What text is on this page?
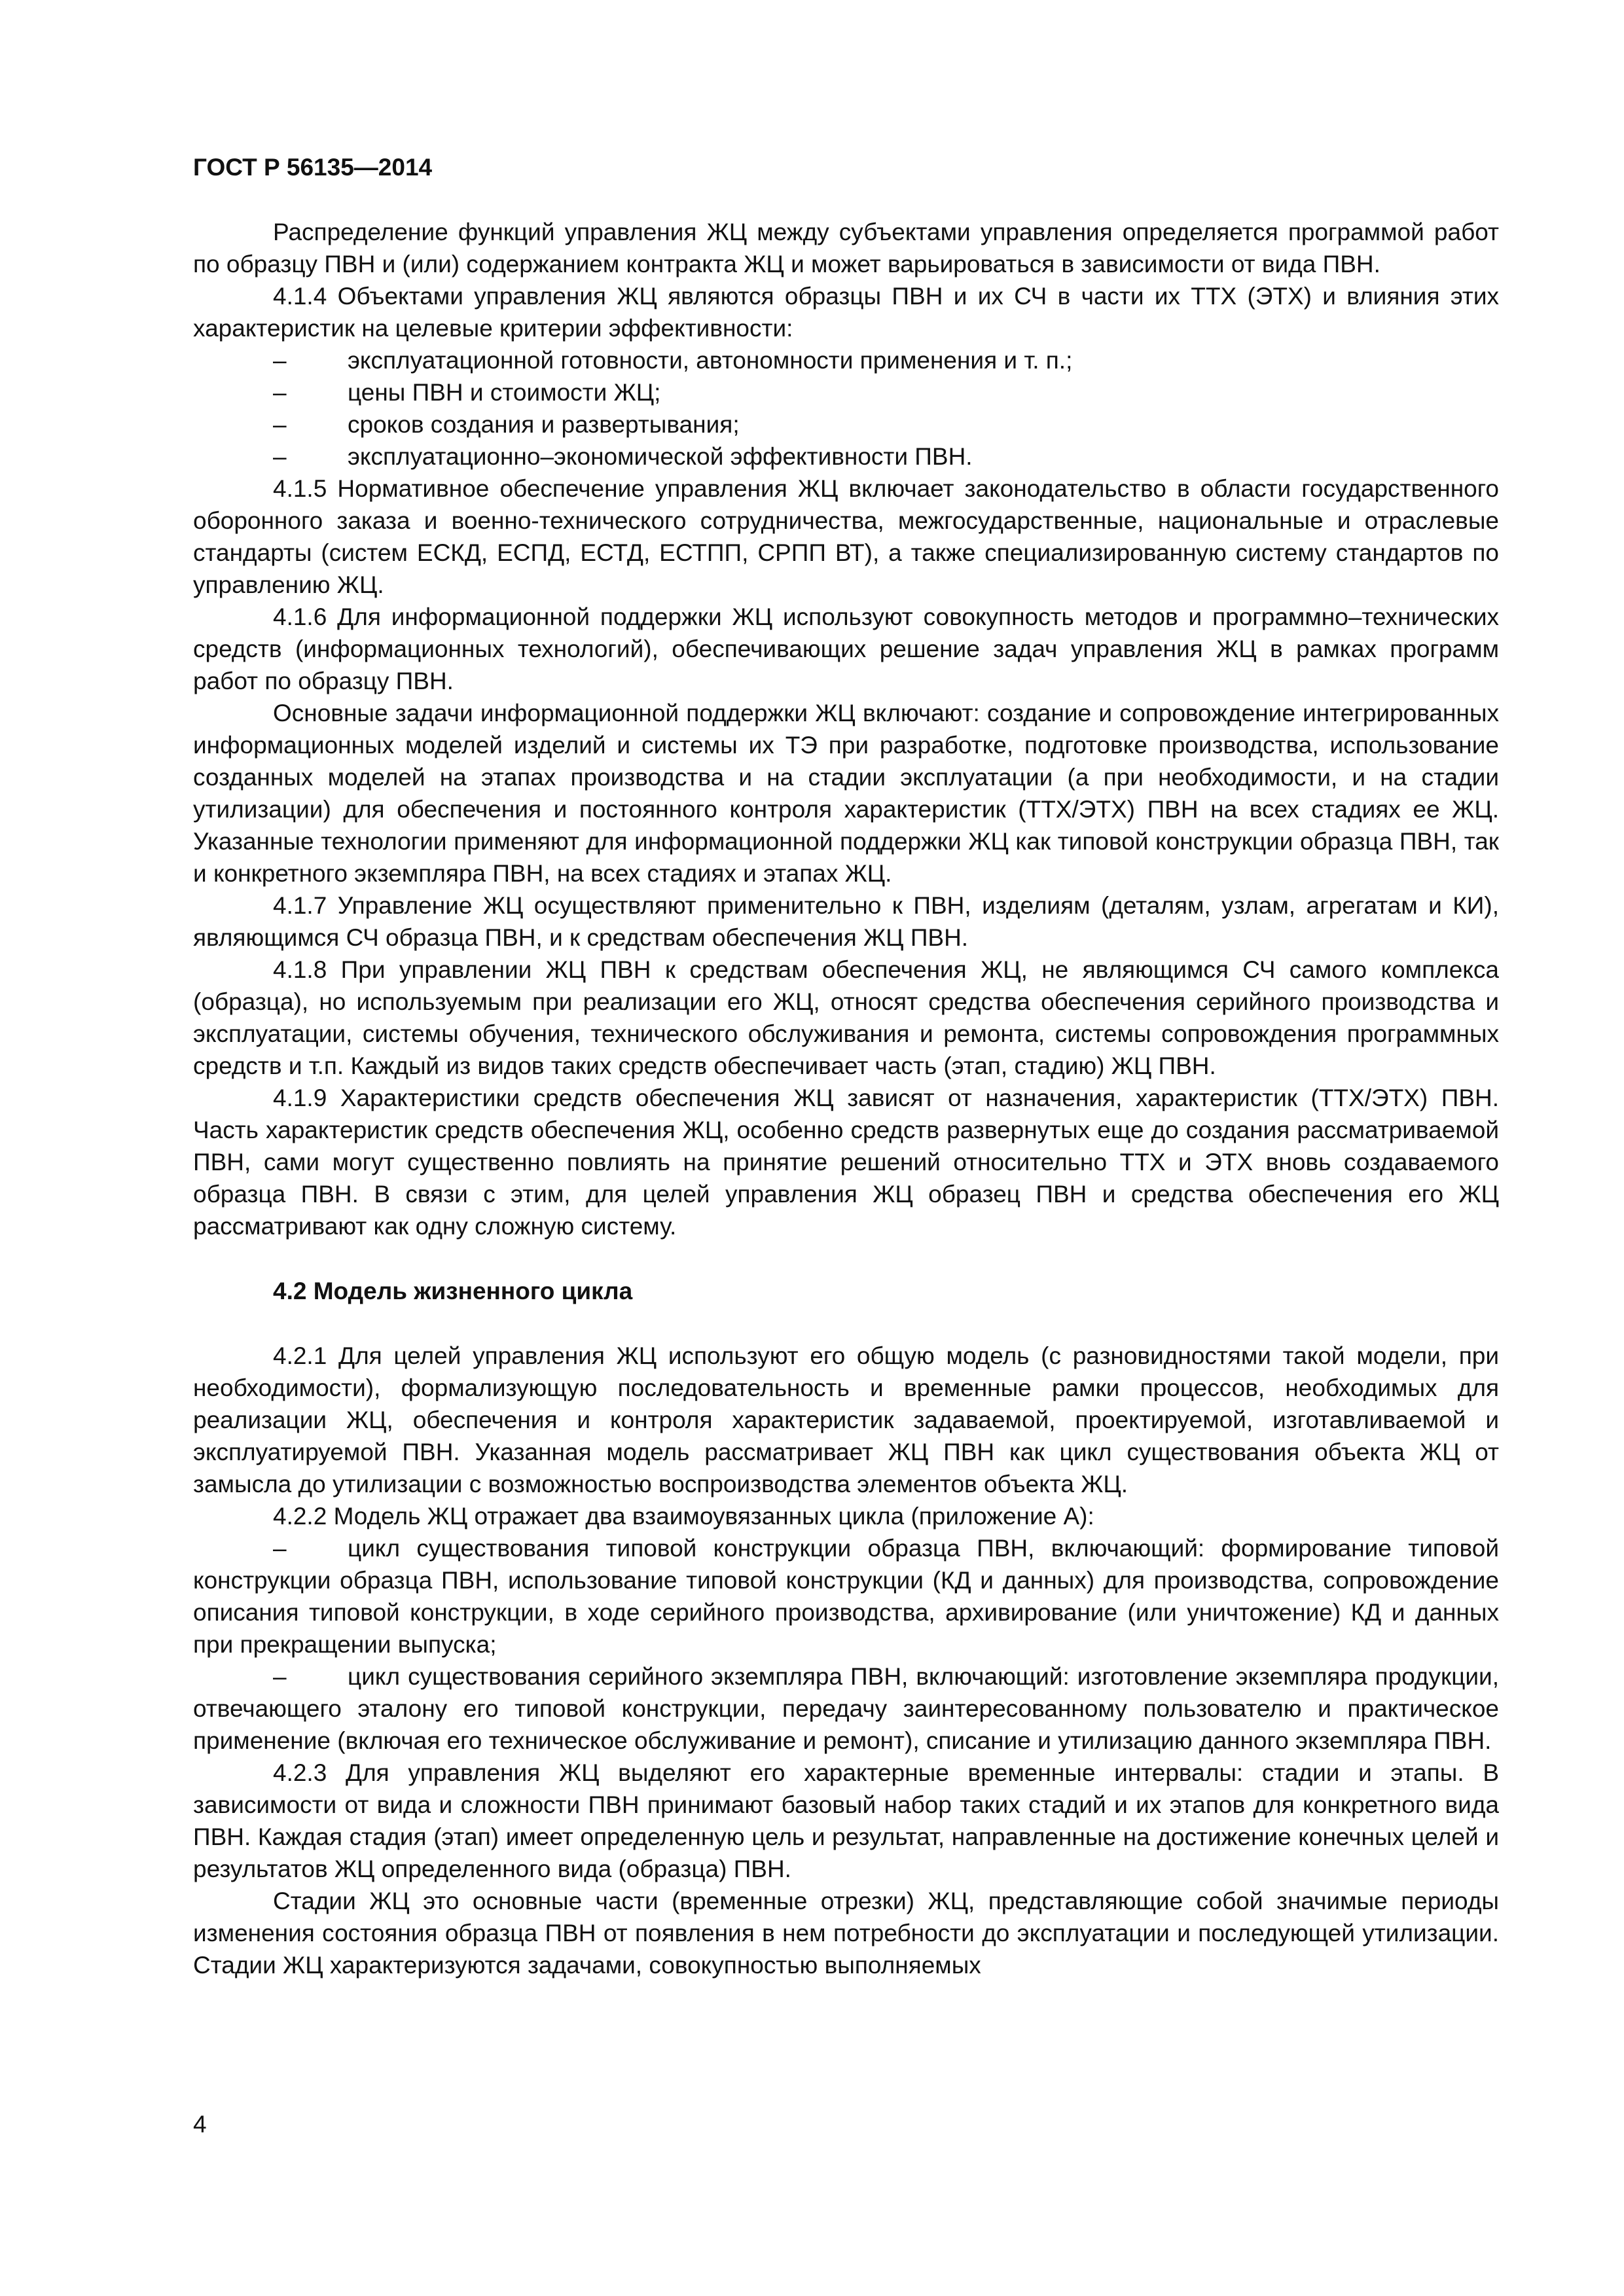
ГОСТ Р 56135—2014

Распределение функций управления ЖЦ между субъектами управления определяется программой работ по образцу ПВН и (или) содержанием контракта ЖЦ и может варьироваться в зависимости от вида ПВН.

4.1.4 Объектами управления ЖЦ являются образцы ПВН и их СЧ в части их ТТХ (ЭТХ) и влияния этих характеристик на целевые критерии эффективности:

–	эксплуатационной готовности, автономности применения и т. п.;
–	цены ПВН и стоимости ЖЦ;
–	сроков создания и развертывания;
–	эксплуатационно–экономической эффективности ПВН.

4.1.5 Нормативное обеспечение управления ЖЦ включает законодательство в области государственного оборонного заказа и военно-технического сотрудничества, межгосударственные, национальные и отраслевые стандарты (систем ЕСКД, ЕСПД, ЕСТД, ЕСТПП, СРПП ВТ), а также специализированную систему стандартов по управлению ЖЦ.

4.1.6 Для информационной поддержки ЖЦ используют совокупность методов и программно–технических средств (информационных технологий), обеспечивающих решение задач управления ЖЦ в рамках программ работ по образцу ПВН.

Основные задачи информационной поддержки ЖЦ включают: создание и сопровождение интегрированных информационных моделей изделий и системы их ТЭ при разработке, подготовке производства, использование созданных моделей на этапах производства и на стадии эксплуатации (а при необходимости, и на стадии утилизации) для обеспечения и постоянного контроля характеристик (ТТХ/ЭТХ) ПВН на всех стадиях ее ЖЦ. Указанные технологии применяют для информационной поддержки ЖЦ как типовой конструкции образца ПВН, так и конкретного экземпляра ПВН, на всех стадиях и этапах ЖЦ.

4.1.7 Управление ЖЦ осуществляют применительно к ПВН, изделиям (деталям, узлам, агрегатам и КИ), являющимся СЧ образца ПВН, и к средствам обеспечения ЖЦ ПВН.

4.1.8 При управлении ЖЦ ПВН к средствам обеспечения ЖЦ, не являющимся СЧ самого комплекса (образца), но используемым при реализации его ЖЦ, относят средства обеспечения серийного производства и эксплуатации, системы обучения, технического обслуживания и ремонта, системы сопровождения программных средств и т.п. Каждый из видов таких средств обеспечивает часть (этап, стадию) ЖЦ ПВН.

4.1.9 Характеристики средств обеспечения ЖЦ зависят от назначения, характеристик (ТТХ/ЭТХ) ПВН. Часть характеристик средств обеспечения ЖЦ, особенно средств развернутых еще до создания рассматриваемой ПВН, сами могут существенно повлиять на принятие решений относительно ТТХ и ЭТХ вновь создаваемого образца ПВН. В связи с этим, для целей управления ЖЦ образец ПВН и средства обеспечения его ЖЦ рассматривают как одну сложную систему.

4.2 Модель жизненного цикла

4.2.1 Для целей управления ЖЦ используют его общую модель (с разновидностями такой модели, при необходимости), формализующую последовательность и временные рамки процессов, необходимых для реализации ЖЦ, обеспечения и контроля характеристик задаваемой, проектируемой, изготавливаемой и эксплуатируемой ПВН. Указанная модель рассматривает ЖЦ ПВН как цикл существования объекта ЖЦ от замысла до утилизации с возможностью воспроизводства элементов объекта ЖЦ.

4.2.2 Модель ЖЦ отражает два взаимоувязанных цикла (приложение А):

–	цикл существования типовой конструкции образца ПВН, включающий: формирование типовой конструкции образца ПВН, использование типовой конструкции (КД и данных) для производства, сопровождение описания типовой конструкции, в ходе серийного производства, архивирование (или уничтожение) КД и данных при прекращении выпуска;
–	цикл существования серийного экземпляра ПВН, включающий: изготовление экземпляра продукции, отвечающего эталону его типовой конструкции, передачу заинтересованному пользователю и практическое применение (включая его техническое обслуживание и ремонт), списание и утилизацию данного экземпляра ПВН.

4.2.3 Для управления ЖЦ выделяют его характерные временные интервалы: стадии и этапы. В зависимости от вида и сложности ПВН принимают базовый набор таких стадий и их этапов для конкретного вида ПВН. Каждая стадия (этап) имеет определенную цель и результат, направленные на достижение конечных целей и результатов ЖЦ определенного вида (образца) ПВН.

Стадии ЖЦ это основные части (временные отрезки) ЖЦ, представляющие собой значимые периоды изменения состояния образца ПВН от появления в нем потребности до эксплуатации и последующей утилизации. Стадии ЖЦ характеризуются задачами, совокупностью выполняемых

4
